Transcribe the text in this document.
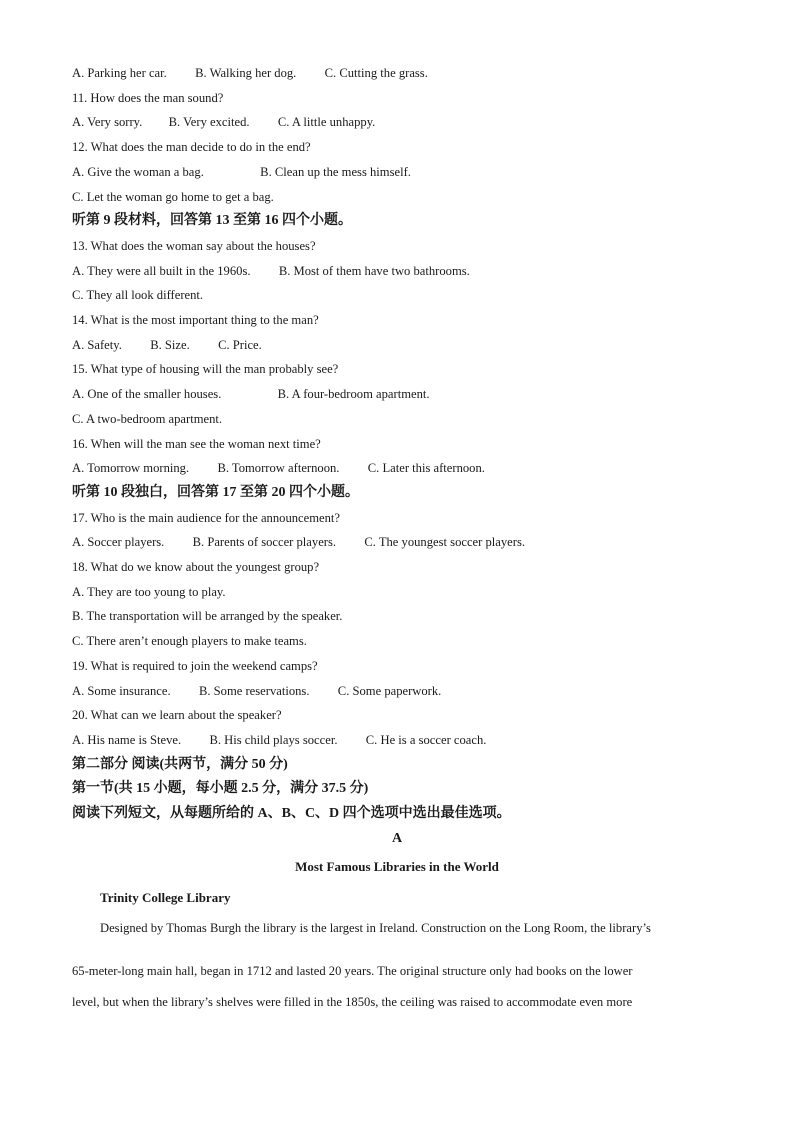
A. Parking her car. B. Walking her dog. C. Cutting the grass.
11. How does the man sound?
A. Very sorry. B. Very excited. C. A little unhappy.
12. What does the man decide to do in the end?
A. Give the woman a bag.	B. Clean up the mess himself.
C. Let the woman go home to get a bag.
听第 9 段材料，回答第 13 至第 16 四个小题。
13. What does the woman say about the houses?
A. They were all built in the 1960s. B. Most of them have two bathrooms.
C. They all look different.
14. What is the most important thing to the man?
A. Safety. B. Size. C. Price.
15. What type of housing will the man probably see?
A. One of the smaller houses.	B. A four-bedroom apartment.
C. A two-bedroom apartment.
16. When will the man see the woman next time?
A. Tomorrow morning. B. Tomorrow afternoon. C. Later this afternoon.
听第 10 段独白，回答第 17 至第 20 四个小题。
17. Who is the main audience for the announcement?
A. Soccer players. B. Parents of soccer players. C. The youngest soccer players.
18. What do we know about the youngest group?
A. They are too young to play.
B. The transportation will be arranged by the speaker.
C. There aren’t enough players to make teams.
19. What is required to join the weekend camps?
A. Some insurance. B. Some reservations. C. Some paperwork.
20. What can we learn about the speaker?
A. His name is Steve. B. His child plays soccer. C. He is a soccer coach.
第二部分 阅读(共两节，满分 50 分)
第一节(共 15 小题，每小题 2.5 分，满分 37.5 分)
阅读下列短文，从每题所给的 A、B、C、D 四个选项中选出最佳选项。
A
Most Famous Libraries in the World
Trinity College Library
Designed by Thomas Burgh the library is the largest in Ireland. Construction on the Long Room, the library’s
65-meter-long main hall, began in 1712 and lasted 20 years. The original structure only had books on the lower
level, but when the library’s shelves were filled in the 1850s, the ceiling was raised to accommodate even more
